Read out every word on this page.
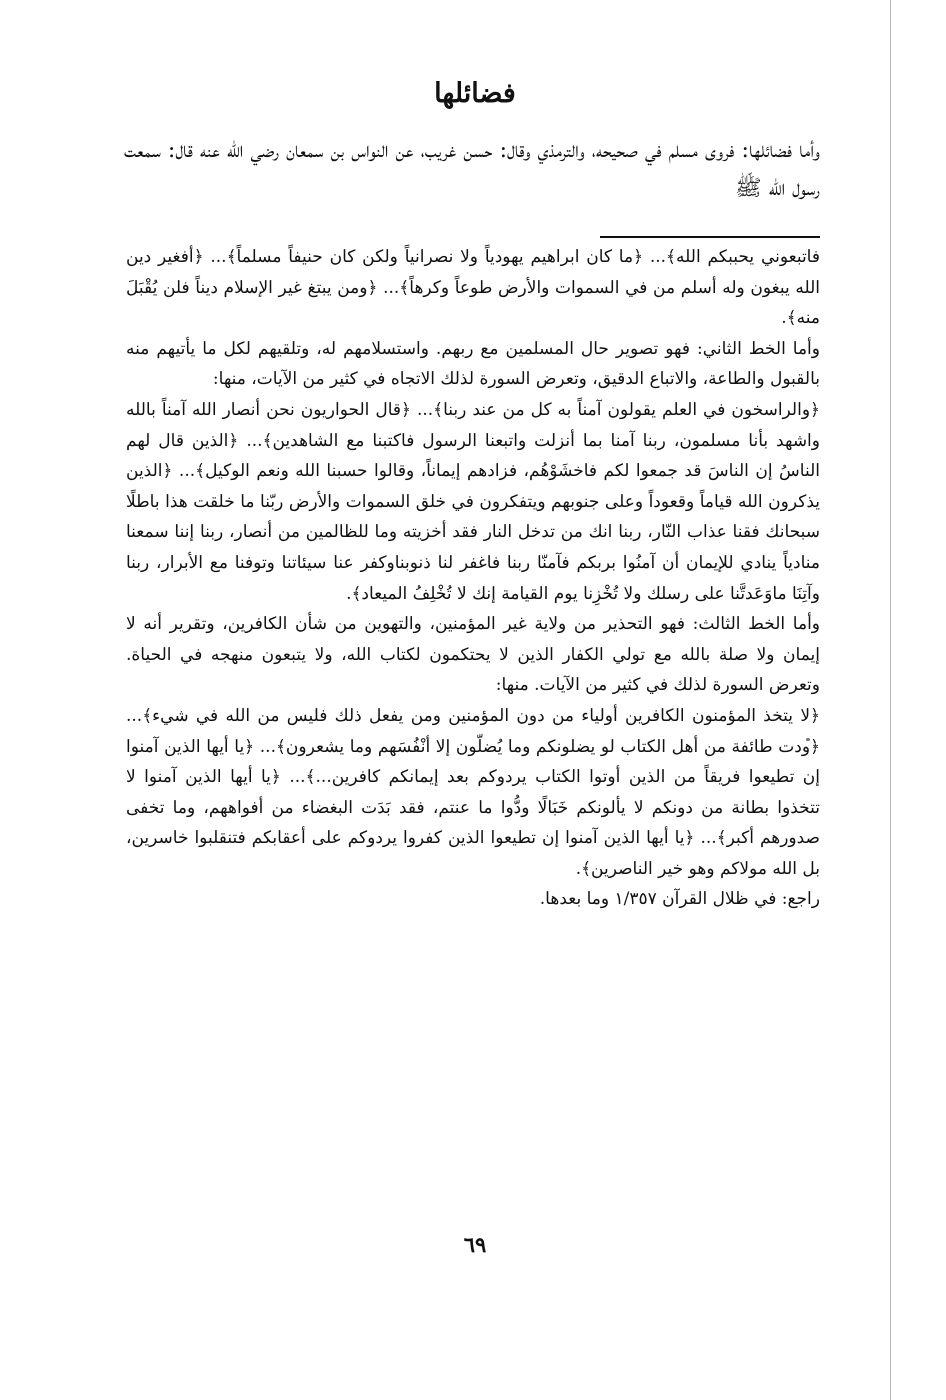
فضائلها
وأما فضائلها: فروى مسلم في صحيحه، والترمذي وقال: حسن غريب، عن النواس بن سمعان رضي الله عنه قال: سمعت رسول الله ﷺ

فاتبعوني يحببكم الله﴾... ﴿ما كان ابراهيم يهودياً ولا نصرانياً ولكن كان حنيفاً مسلماً﴾... ﴿أفغير دين الله يبغون وله أسلم من في السموات والأرض طوعاً وكرهاً﴾... ﴿ومن يبتغ غير الإسلام ديناً فلن يُقْبَلَ منه﴾.

وأما الخط الثاني: فهو تصوير حال المسلمين مع ربهم. واستسلامهم له، وتلقيهم لكل ما يأتيهم منه بالقبول والطاعة، والاتباع الدقيق، وتعرض السورة لذلك الاتجاه في كثير من الآيات، منها:

﴿والراسخون في العلم يقولون آمناً به كل من عند ربنا﴾... ﴿قال الحواريون نحن أنصار الله آمناً بالله واشهد بأنا مسلمون، ربنا آمنا بما أنزلت واتبعنا الرسول فاكتبنا مع الشاهدين﴾... ﴿الذين قال لهم الناسُ إن الناسَ قد جمعوا لكم فاخشَوْهُم، فزادهم إيماناً، وقالوا حسبنا الله ونعم الوكيل﴾... ﴿الذين يذكرون الله قياماً وقعوداً وعلى جنوبهم ويتفكرون في خلق السموات والأرض ربّنا ما خلقت هذا باطلًا سبحانك فقنا عذاب النّار، ربنا انك من تدخل النار فقد أخزيته وما للظالمين من أنصار، ربنا إننا سمعنا منادياً ينادي للإيمان أن آمنُوا بربكم فآمنّا ربنا فاغفر لنا ذنوبناوكفر عنا سيئاتنا وتوفنا مع الأبرار، ربنا وآتِنَا ماوَعَدتَّنا على رسلك ولا تُخْزِنا يوم القيامة إنك لا تُخْلِفُ الميعاد﴾.

وأما الخط الثالث: فهو التحذير من ولاية غير المؤمنين، والتهوين من شأن الكافرين، وتقرير أنه لا إيمان ولا صلة بالله مع تولي الكفار الذين لا يحتكمون لكتاب الله، ولا يتبعون منهجه في الحياة. وتعرض السورة لذلك في كثير من الآيات. منها:

﴿لا يتخذ المؤمنون الكافرين أولياء من دون المؤمنين ومن يفعل ذلك فليس من الله في شيء﴾... ﴿ودت طائفة من أهل الكتاب لو يضلونكم وما يُضلّون إلا أنْفُسَهم وما يشعرون﴾... ﴿يا أيها الذين آمنوا إن تطيعوا فريقاً من الذين أوتوا الكتاب يردوكم بعد إيمانكم كافرين...﴾... ﴿يا أيها الذين آمنوا لا تتخذوا بطانة من دونكم لا يألونكم خَبَالًا ودُّوا ما عنتم، فقد بَدَت البغضاء من أفواههم، وما تخفى صدورهم أكبر﴾... ﴿يا أيها الذين آمنوا إن تطيعوا الذين كفروا يردوكم على أعقابكم فتنقلبوا خاسرين، بل الله مولاكم وهو خير الناصرين﴾.

راجع: في ظلال القرآن ١/٣٥٧ وما بعدها.

٦٩
